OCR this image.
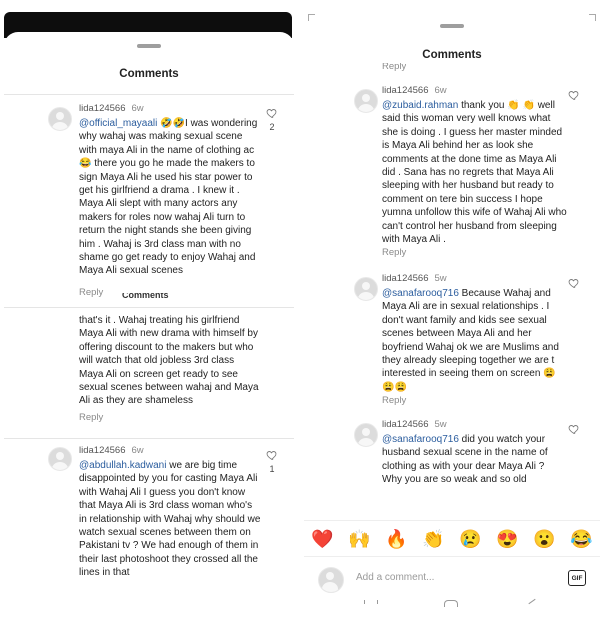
Comments
lida124566 6w
@official_mayaali 🤣🤣I was wondering why wahaj was making sexual scene with maya Ali in the name of clothing ac😂 there you go he made the makers to sign Maya Ali he used his star power to get his girlfriend a drama . I knew it . Maya Ali slept with many actors any makers for roles now wahaj Ali turn to return the night stands she been giving him . Wahaj is 3rd class man with no shame go get ready to enjoy Wahaj and Maya Ali sexual scenes
2
Reply Comments
that's it . Wahaj treating his girlfriend Maya Ali with new drama with himself by offering discount to the makers but who will watch that old jobless 3rd class Maya Ali on screen get ready to see sexual scenes between wahaj and Maya Ali as they are shameless
Reply
lida124566 6w
@abdullah.kadwani we are big time disappointed by you for casting Maya Ali with Wahaj Ali I guess you don't know that Maya Ali is 3rd class woman who's in relationship with Wahaj why should we watch sexual scenes between them on Pakistani tv ? We had enough of them in their last photoshoot they crossed all the lines in that
1
Comments
Reply
lida124566 6w
@zubaid.rahman thank you 👏 👏 well said this woman very well knows what she is doing . I guess her master minded is Maya Ali behind her as look she comments at the done time as Maya Ali did . Sana has no regrets that Maya Ali sleeping with her husband but ready to comment on tere bin success I hope yumna unfollow this wife of Wahaj Ali who can't control her husband from sleeping with Maya Ali .
Reply
lida124566 5w
@sanafarooq716 Because Wahaj and Maya Ali are in sexual relationships . I don't want family and kids see sexual scenes between Maya Ali and her boyfriend Wahaj ok we are Muslims and they already sleeping together we are t interested in seeing them on screen 😩😩😩
Reply
lida124566 5w
@sanafarooq716 did you watch your husband sexual scene in the name of clothing as with your dear Maya Ali ? Why you are so weak and so old
❤️ 🙌 🔥 👏 😢 😍 😮 😂
Add a comment...	GIF
